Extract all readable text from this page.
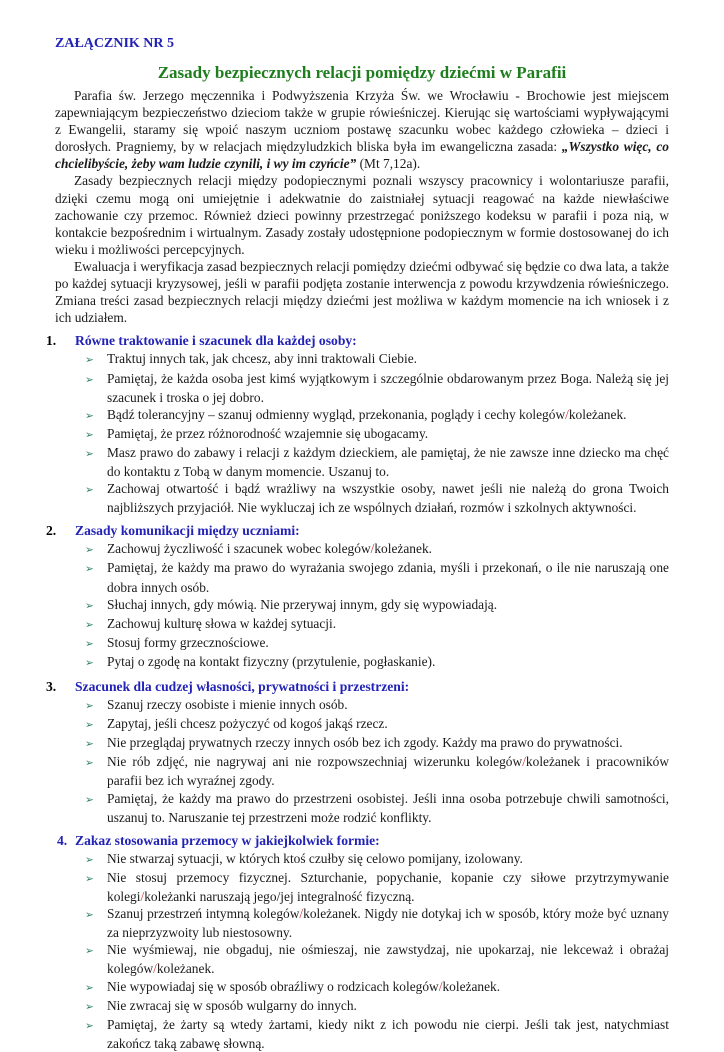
ZAŁĄCZNIK NR 5

Zasady bezpiecznych relacji pomiędzy dziećmi w Parafii

Parafia św. Jerzego męczennika i Podwyższenia Krzyża Św. we Wrocławiu - Brochowie jest miejscem zapewniającym bezpieczeństwo dzieciom także w grupie rówieśniczej. Kierując się wartościami wypływającymi z Ewangelii, staramy się wpoić naszym uczniom postawę szacunku wobec każdego człowieka – dzieci i dorosłych. Pragniemy, by w relacjach międzyludzkich bliska była im ewangeliczna zasada: „Wszystko więc, co chcielibyście, żeby wam ludzie czynili, i wy im czyńcie” (Mt 7,12a).

Zasady bezpiecznych relacji między podopiecznymi poznali wszyscy pracownicy i wolontariusze parafii, dzięki czemu mogą oni umiejętnie i adekwatnie do zaistniałej sytuacji reagować na każde niewłaściwe zachowanie czy przemoc. Również dzieci powinny przestrzegać poniższego kodeksu w parafii i poza nią, w kontakcie bezpośrednim i wirtualnym. Zasady zostały udostępnione podopiecznym w formie dostosowanej do ich wieku i możliwości percepcyjnych.

Ewaluacja i weryfikacja zasad bezpiecznych relacji pomiędzy dziećmi odbywać się będzie co dwa lata, a także po każdej sytuacji kryzysowej, jeśli w parafii podjęta zostanie interwencja z powodu krzywdzenia rówieśniczego. Zmiana treści zasad bezpiecznych relacji między dziećmi jest możliwa w każdym momencie na ich wniosek i z ich udziałem.

1.	Równe traktowanie i szacunek dla każdej osoby:

➢ Traktuj innych tak, jak chcesz, aby inni traktowali Ciebie.

➢ Pamiętaj, że każda osoba jest kimś wyjątkowym i szczególnie obdarowanym przez Boga. Należą się jej szacunek i troska o jej dobro.

➢ Bądź tolerancyjny – szanuj odmienny wygląd, przekonania, poglądy i cechy kolegów/koleżanek.

➢ Pamiętaj, że przez różnorodność wzajemnie się ubogacamy.

➢ Masz prawo do zabawy i relacji z każdym dzieckiem, ale pamiętaj, że nie zawsze inne dziecko ma chęć do kontaktu z Tobą w danym momencie. Uszanuj to.

➢ Zachowaj otwartość i bądź wrażliwy na wszystkie osoby, nawet jeśli nie należą do grona Twoich najbliższych przyjaciół. Nie wykluczaj ich ze wspólnych działań, rozmów i szkolnych aktywności.

2.	Zasady komunikacji między uczniami:

➢ Zachowuj życzliwość i szacunek wobec kolegów/koleżanek.

➢ Pamiętaj, że każdy ma prawo do wyrażania swojego zdania, myśli i przekonań, o ile nie naruszają one dobra innych osób.

➢ Słuchaj innych, gdy mówią. Nie przerywaj innym, gdy się wypowiadają.

➢ Zachowuj kulturę słowa w każdej sytuacji.

➢ Stosuj formy grzecznościowe.

➢ Pytaj o zgodę na kontakt fizyczny (przytulenie, pogłaskanie).

3.	Szacunek dla cudzej własności, prywatności i przestrzeni:

➢ Szanuj rzeczy osobiste i mienie innych osób.

➢ Zapytaj, jeśli chcesz pożyczyć od kogoś jakąś rzecz.

➢ Nie przeglądaj prywatnych rzeczy innych osób bez ich zgody. Każdy ma prawo do prywatności.

➢ Nie rób zdjęć, nie nagrywaj ani nie rozpowszechniaj wizerunku kolegów/koleżanek i pracowników parafii bez ich wyraźnej zgody.

➢ Pamiętaj, że każdy ma prawo do przestrzeni osobistej. Jeśli inna osoba potrzebuje chwili samotności, uszanuj to. Naruszanie tej przestrzeni może rodzić konflikty.

4. Zakaz stosowania przemocy w jakiejkolwiek formie:

➢ Nie stwarzaj sytuacji, w których ktoś czułby się celowo pomijany, izolowany.

➢ Nie stosuj przemocy fizycznej. Szturchanie, popychanie, kopanie czy siłowe przytrzymywanie kolegi/koleżanki naruszają jego/jej integralność fizyczną.

➢ Szanuj przestrzeń intymną kolegów/koleżanek. Nigdy nie dotykaj ich w sposób, który może być uznany za nieprzyzwoity lub niestosowny.

➢ Nie wyśmiewaj, nie obgaduj, nie ośmieszaj, nie zawstydzaj, nie upokarzaj, nie lekceważ i obrażaj kolegów/koleżanek.

➢ Nie wypowiadaj się w sposób obraźliwy o rodzicach kolegów/koleżanek.

➢ Nie zwracaj się w sposób wulgarny do innych.

➢ Pamiętaj, że żarty są wtedy żartami, kiedy nikt z ich powodu nie cierpi. Jeśli tak jest, natychmiast zakończ taką zabawę słowną.
